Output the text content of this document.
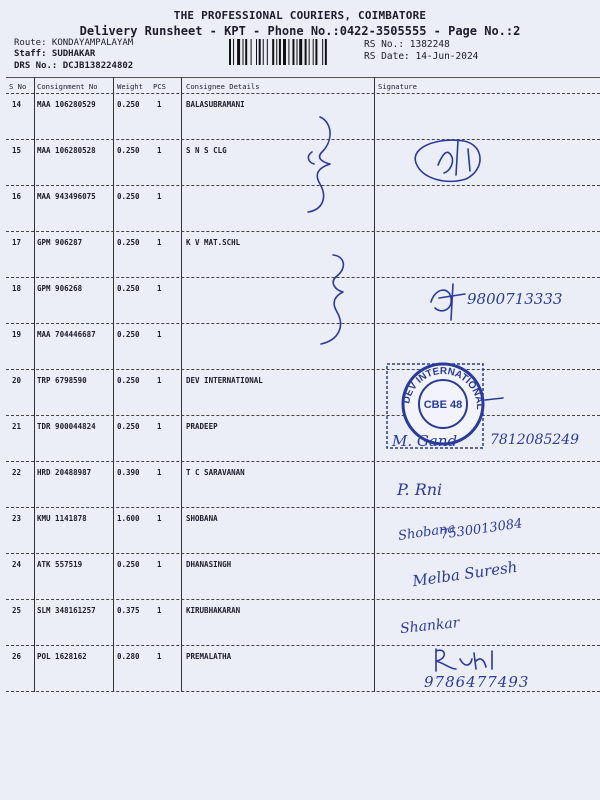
THE PROFESSIONAL COURIERS, COIMBATORE
Delivery Runsheet - KPT - Phone No.:0422-3505555 - Page No.:2
Route: KONDAYAMPALAYAM
Staff: SUDHAKAR
DRS No.: DCJB138224802
RS No.: 1382248
RS Date: 14-Jun-2024
S No Consignment No	Weight PCS	Consignee Details	Signature
14 MAA 106280529	0.250 1	BALASUBRAMANI
15 MAA 106280528	0.250 1	S N S CLG
16 MAA 943496075	0.250 1
17 GPM 906287	0.250 1	K V MAT.SCHL
18 GPM 906268	0.250 1
19 MAA 704446687	0.250 1
20 TRP 6798590	0.250 1	DEV INTERNATIONAL
21 TDR 900044824	0.250 1	PRADEEP
22 HRD 20488987	0.390 1	T C SARAVANAN
23 KMU 1141878	1.600 1	SHOBANA
24 ATK 557519	0.250 1	DHANASINGH
25 SLM 348161257	0.375 1	KIRUBHAKARAN
26 POL 1628162	0.280 1	PREMALATHA
9800713333
DEV INTERNATIONAL
CBE 48
M. Gand 7812085249
P. Rni
Shobana
7530013084
Melba Suresh
Shankar
9786477493
